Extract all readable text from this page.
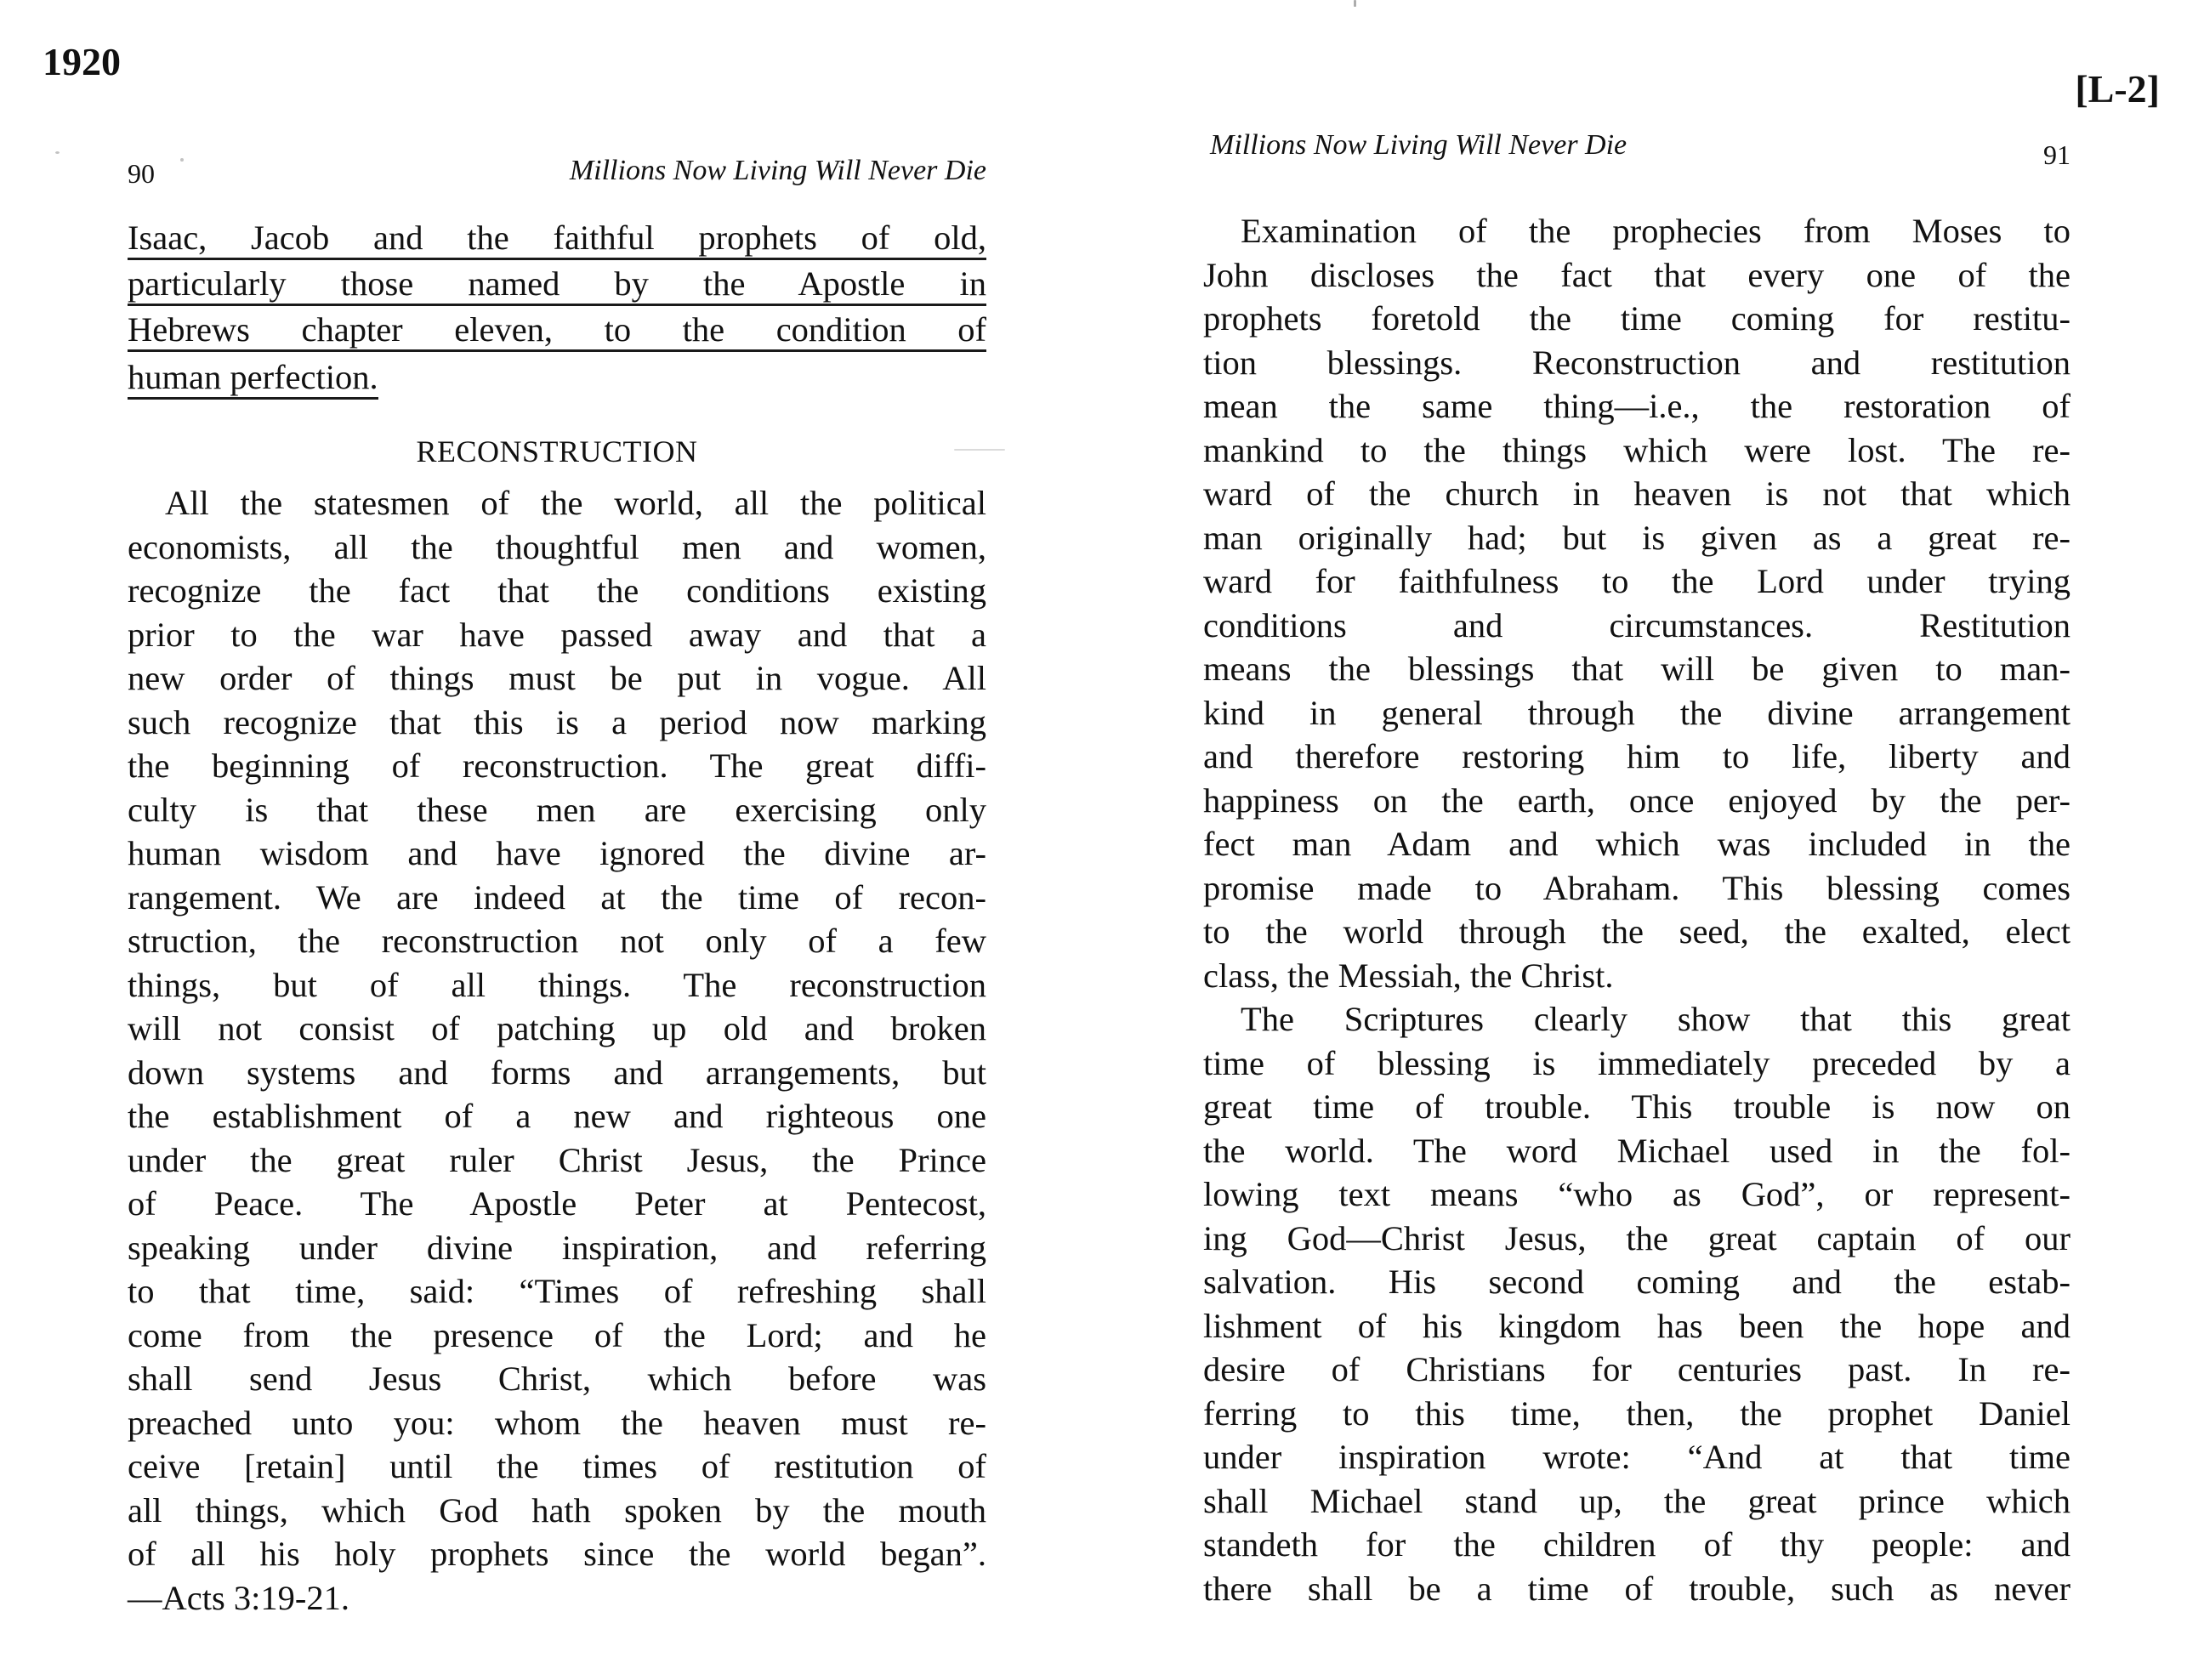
1920
[L-2]
90	Millions Now Living Will Never Die
Isaac, Jacob and the faithful prophets of old,
particularly those named by the Apostle in
Hebrews chapter eleven, to the condition of
human perfection.
RECONSTRUCTION
All the statesmen of the world, all the political
economists, all the thoughtful men and women,
recognize the fact that the conditions existing
prior to the war have passed away and that a
new order of things must be put in vogue. All
such recognize that this is a period now marking
the beginning of reconstruction. The great diffi-
culty is that these men are exercising only
human wisdom and have ignored the divine ar-
rangement. We are indeed at the time of recon-
struction, the reconstruction not only of a few
things, but of all things. The reconstruction
will not consist of patching up old and broken
down systems and forms and arrangements, but
the establishment of a new and righteous one
under the great ruler Christ Jesus, the Prince
of Peace. The Apostle Peter at Pentecost,
speaking under divine inspiration, and referring
to that time, said: “Times of refreshing shall
come from the presence of the Lord; and he
shall send Jesus Christ, which before was
preached unto you: whom the heaven must re-
ceive [retain] until the times of restitution of
all things, which God hath spoken by the mouth
of all his holy prophets since the world began”.
—Acts 3:19-21.
Millions Now Living Will Never Die	91
Examination of the prophecies from Moses to
John discloses the fact that every one of the
prophets foretold the time coming for restitu-
tion blessings. Reconstruction and restitution
mean the same thing—i.e., the restoration of
mankind to the things which were lost. The re-
ward of the church in heaven is not that which
man originally had; but is given as a great re-
ward for faithfulness to the Lord under trying
conditions and circumstances. Restitution
means the blessings that will be given to man-
kind in general through the divine arrangement
and therefore restoring him to life, liberty and
happiness on the earth, once enjoyed by the per-
fect man Adam and which was included in the
promise made to Abraham. This blessing comes
to the world through the seed, the exalted, elect
class, the Messiah, the Christ.
The Scriptures clearly show that this great
time of blessing is immediately preceded by a
great time of trouble. This trouble is now on
the world. The word Michael used in the fol-
lowing text means “who as God”, or represent-
ing God—Christ Jesus, the great captain of our
salvation. His second coming and the estab-
lishment of his kingdom has been the hope and
desire of Christians for centuries past. In re-
ferring to this time, then, the prophet Daniel
under inspiration wrote: “And at that time
shall Michael stand up, the great prince which
standeth for the children of thy people: and
there shall be a time of trouble, such as never
